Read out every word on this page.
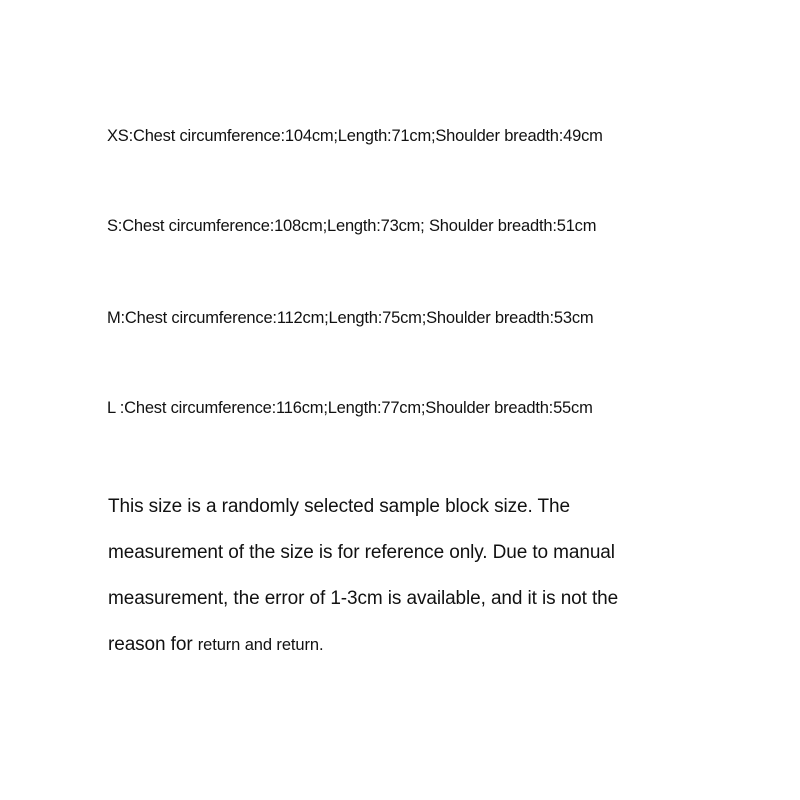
XS:Chest circumference:104cm;Length:71cm;Shoulder breadth:49cm

S:Chest circumference:108cm;Length:73cm; Shoulder breadth:51cm

M:Chest circumference:112cm;Length:75cm;Shoulder breadth:53cm

L :Chest circumference:116cm;Length:77cm;Shoulder breadth:55cm

This size is a randomly selected sample block size. The
measurement of the size is for reference only. Due to manual
measurement, the error of 1-3cm is available, and it is not the
reason for return and return.
